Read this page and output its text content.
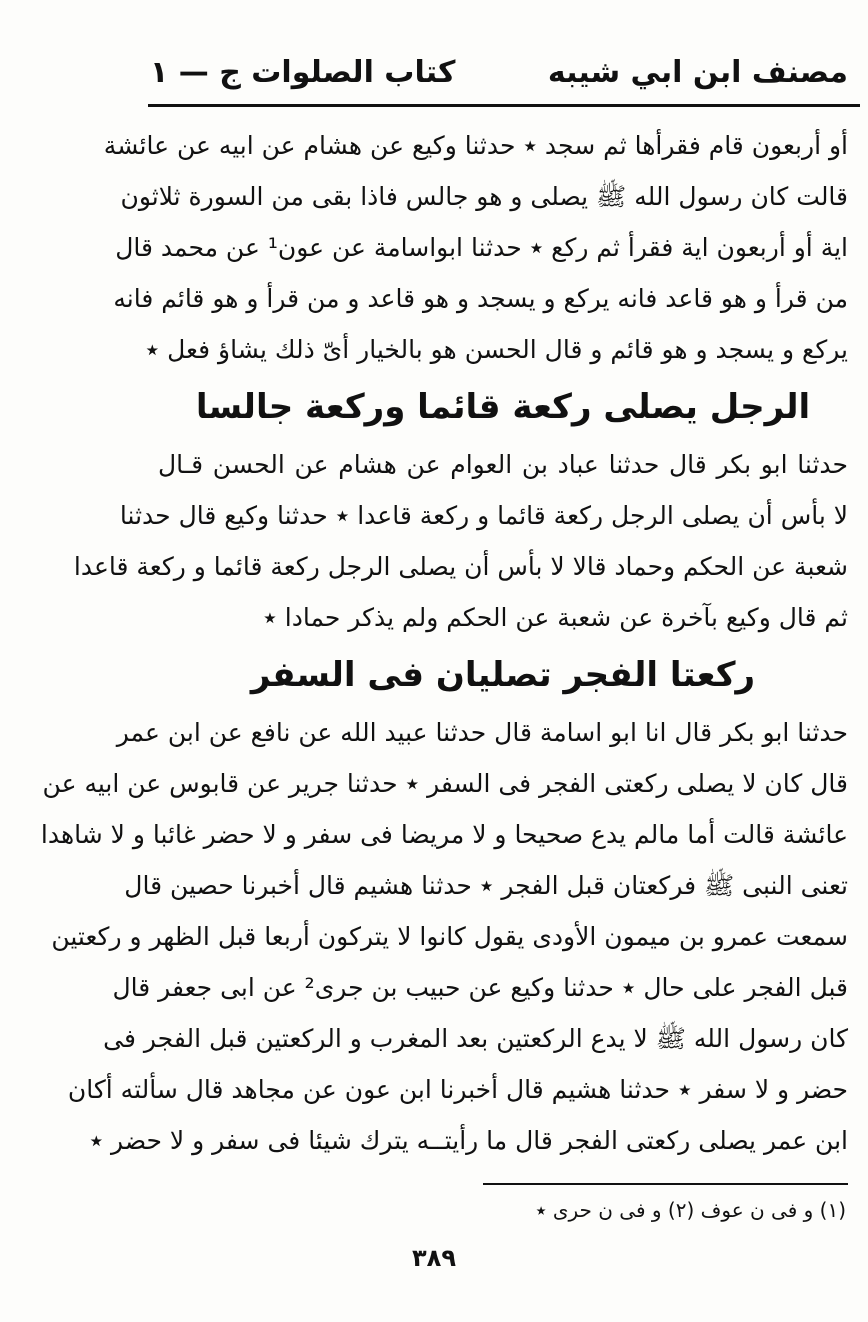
مصنف ابن ابي شيبه
كتاب الصلوات ج — ١
أو أربعون قام فقرأها ثم سجد ٭ حدثنا وكيع عن هشام عن ابيه عن عائشة
قالت كان رسول الله ﷺ يصلى و هو جالس فاذا بقى من السورة ثلاثون
اية أو أربعون اية فقرأ ثم ركع ٭ حدثنا ابواسامة عن عون¹ عن محمد قال
من قرأ و هو قاعد فانه يركع و يسجد و هو قاعد و من قرأ و هو قائم فانه
يركع و يسجد و هو قائم و قال الحسن هو بالخيار أىّ ذلك يشاؤ فعل ٭
الرجل يصلى ركعة قائما وركعة جالسا
حدثنا ابو بكر قال حدثنا عباد بن العوام عن هشام عن الحسن قـال
لا بأس أن يصلى الرجل ركعة قائما و ركعة قاعدا ٭ حدثنا وكيع قال حدثنا
شعبة عن الحكم وحماد قالا لا بأس أن يصلى الرجل ركعة قائما و ركعة قاعدا
ثم قال وكيع بآخرة عن شعبة عن الحكم ولم يذكر حمادا ٭
ركعتا الفجر تصليان فى السفر
حدثنا ابو بكر قال انا ابو اسامة قال حدثنا عبيد الله عن نافع عن ابن عمر
قال كان لا يصلى ركعتى الفجر فى السفر ٭ حدثنا جرير عن قابوس عن ابيه عن
عائشة قالت أما مالم يدع صحيحا و لا مريضا فى سفر و لا حضر غائبا و لا شاهدا
تعنى النبى ﷺ فركعتان قبل الفجر ٭ حدثنا هشيم قال أخبرنا حصين قال
سمعت عمرو بن ميمون الأودى يقول كانوا لا يتركون أربعا قبل الظهر و ركعتين
قبل الفجر على حال ٭ حدثنا وكيع عن حبيب بن جرى² عن ابى جعفر قال
كان رسول الله ﷺ لا يدع الركعتين بعد المغرب و الركعتين قبل الفجر فى
حضر و لا سفر ٭ حدثنا هشيم قال أخبرنا ابن عون عن مجاهد قال سألته أكان
ابن عمر يصلى ركعتى الفجر قال ما رأيتــه يترك شيئا فى سفر و لا حضر ٭
(١) و فى ن عوف (٢) و فى ن حرى ٭
٣٨٩
